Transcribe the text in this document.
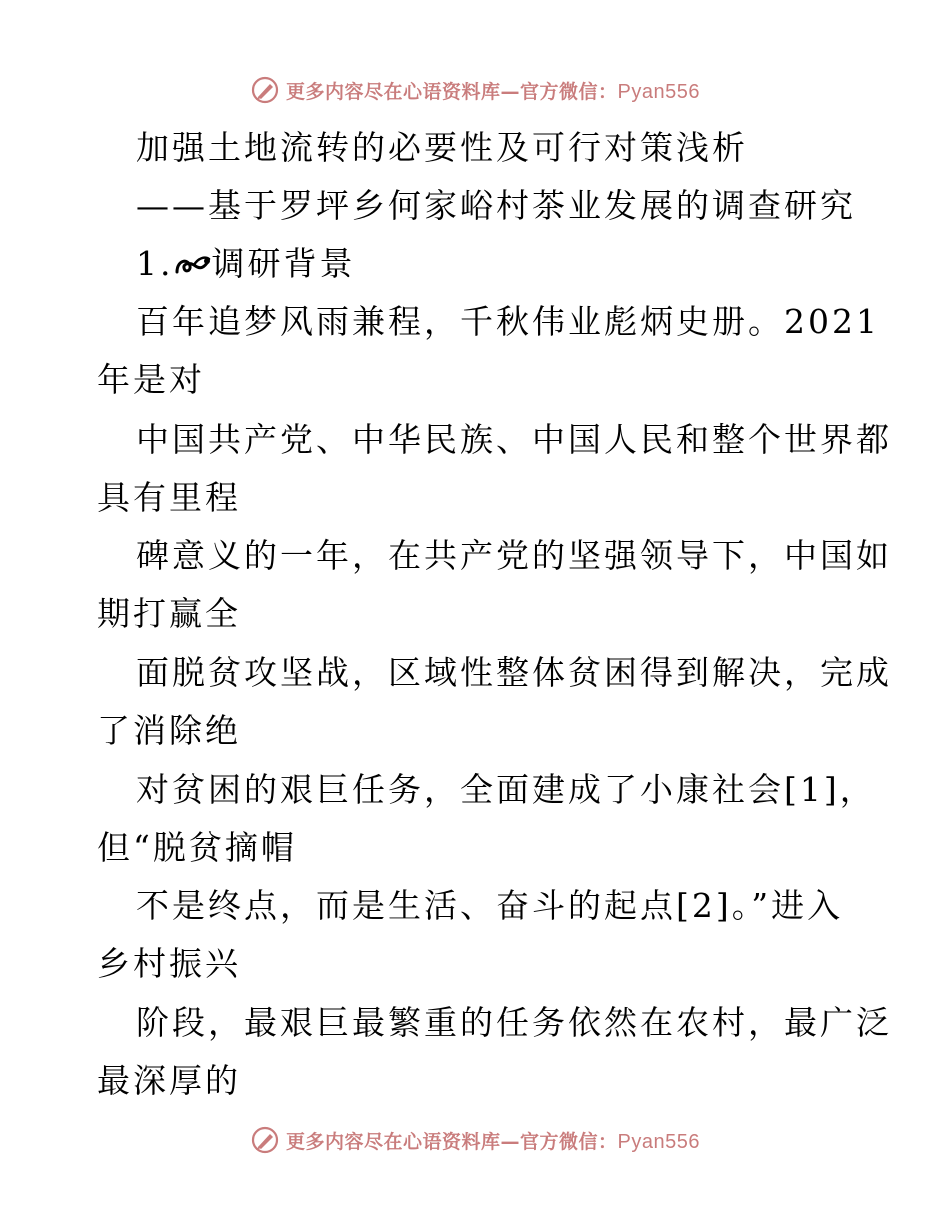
更多内容尽在心语资料库—官方微信：Pyan556
加强土地流转的必要性及可行对策浅析
——基于罗坪乡何家峪村茶业发展的调查研究
1. 调研背景
百年追梦风雨兼程，千秋伟业彪炳史册。2021
年是对
中国共产党、中华民族、中国人民和整个世界都
具有里程
碑意义的一年，在共产党的坚强领导下，中国如
期打赢全
面脱贫攻坚战，区域性整体贫困得到解决，完成
了消除绝
对贫困的艰巨任务，全面建成了小康社会[1]，
但“脱贫摘帽
不是终点，而是生活、奋斗的起点[2]。”进入
乡村振兴
阶段，最艰巨最繁重的任务依然在农村，最广泛
最深厚的
更多内容尽在心语资料库—官方微信：Pyan556
